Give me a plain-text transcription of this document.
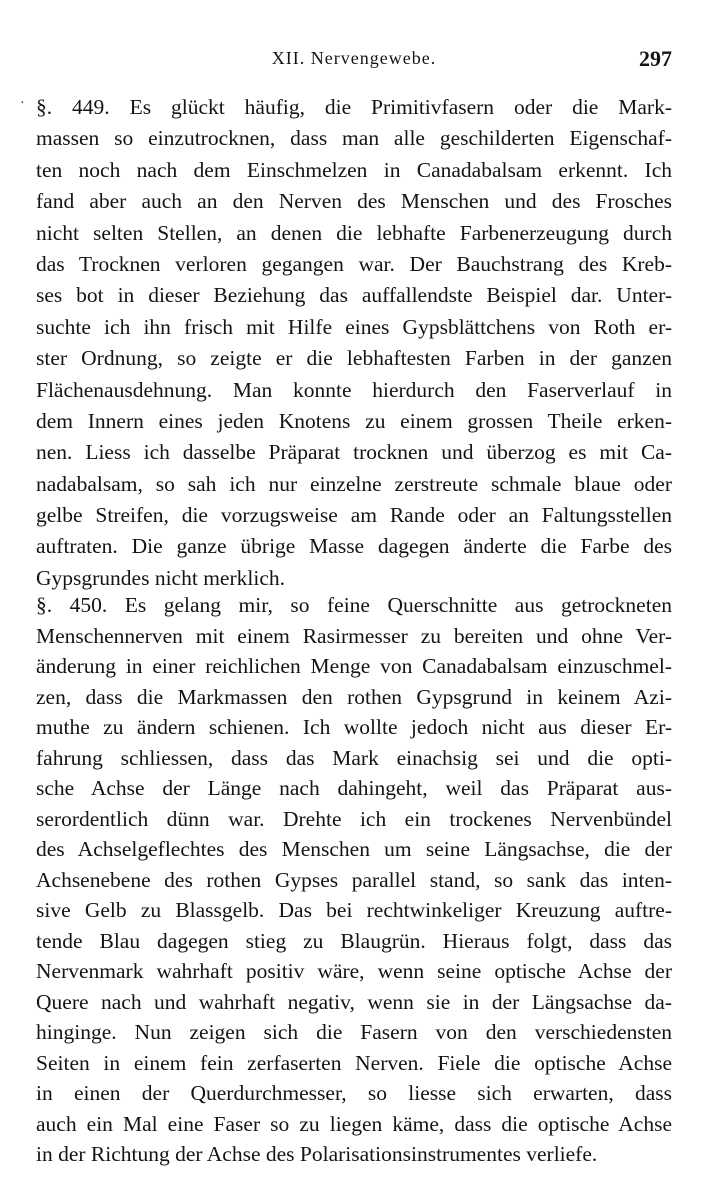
XII. Nervengewebe.	297
· §. 449. Es glückt häufig, die Primitivfasern oder die Mark-
massen so einzutrocknen, dass man alle geschilderten Eigenschaf-
ten noch nach dem Einschmelzen in Canadabalsam erkennt. Ich
fand aber auch an den Nerven des Menschen und des Frosches
nicht selten Stellen, an denen die lebhafte Farbenerzeugung durch
das Trocknen verloren gegangen war. Der Bauchstrang des Kreb-
ses bot in dieser Beziehung das auffallendste Beispiel dar. Unter-
suchte ich ihn frisch mit Hilfe eines Gypsblättchens von Roth er-
ster Ordnung, so zeigte er die lebhaftesten Farben in der ganzen
Flächenausdehnung. Man konnte hierdurch den Faserverlauf in
dem Innern eines jeden Knotens zu einem grossen Theile erken-
nen. Liess ich dasselbe Präparat trocknen und überzog es mit Ca-
nadabalsam, so sah ich nur einzelne zerstreute schmale blaue oder
gelbe Streifen, die vorzugsweise am Rande oder an Faltungsstellen
auftraten. Die ganze übrige Masse dagegen änderte die Farbe des
Gypsgrundes nicht merklich.
§. 450. Es gelang mir, so feine Querschnitte aus getrockneten
Menschennerven mit einem Rasirmesser zu bereiten und ohne Ver-
änderung in einer reichlichen Menge von Canadabalsam einzuschmel-
zen, dass die Markmassen den rothen Gypsgrund in keinem Azi-
muthe zu ändern schienen. Ich wollte jedoch nicht aus dieser Er-
fahrung schliessen, dass das Mark einachsig sei und die opti-
sche Achse der Länge nach dahingeht, weil das Präparat aus-
serordentlich dünn war. Drehte ich ein trockenes Nervenbündel
des Achselgeflechtes des Menschen um seine Längsachse, die der
Achsenebene des rothen Gypses parallel stand, so sank das inten-
sive Gelb zu Blassgelb. Das bei rechtwinkeliger Kreuzung auftre-
tende Blau dagegen stieg zu Blaugrün. Hieraus folgt, dass das
Nervenmark wahrhaft positiv wäre, wenn seine optische Achse der
Quere nach und wahrhaft negativ, wenn sie in der Längsachse da-
hinginge. Nun zeigen sich die Fasern von den verschiedensten
Seiten in einem fein zerfaserten Nerven. Fiele die optische Achse
in einen der Querdurchmesser, so liesse sich erwarten, dass
auch ein Mal eine Faser so zu liegen käme, dass die optische Achse
in der Richtung der Achse des Polarisationsinstrumentes verliefe.
